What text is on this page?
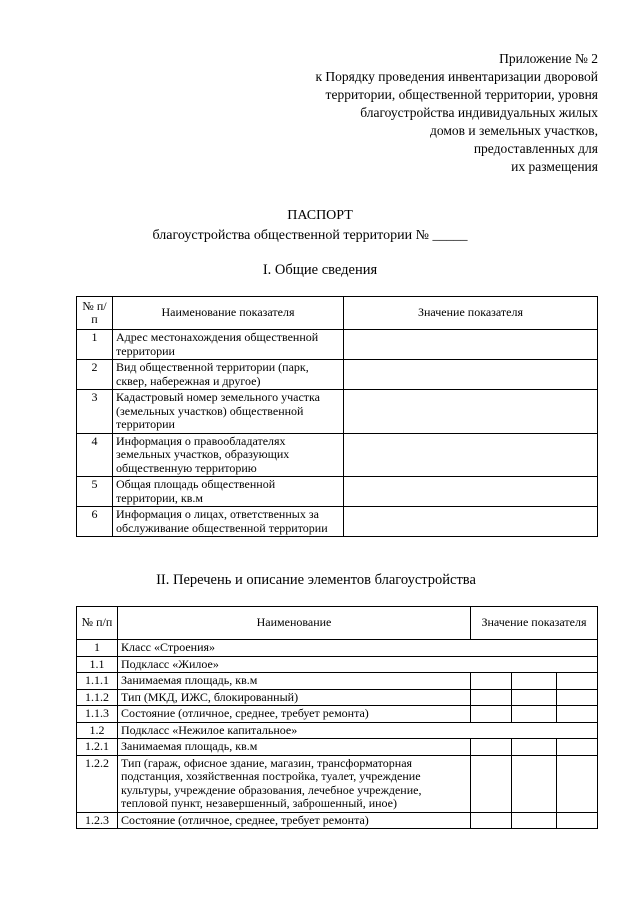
Приложение № 2
к Порядку проведения инвентаризации дворовой
территории, общественной территории, уровня
благоустройства индивидуальных жилых
домов и земельных участков,
предоставленных для
их размещения
ПАСПОРТ
благоустройства общественной территории № _____
I. Общие сведения
№ п/п	Наименование показателя	Значение показателя
1	Адрес местонахождения общественной территории	
2	Вид общественной территории (парк, сквер, набережная и другое)	
3	Кадастровый номер земельного участка (земельных участков) общественной территории	
4	Информация о правообладателях земельных участков, образующих общественную территорию	
5	Общая площадь общественной территории, кв.м	
6	Информация о лицах, ответственных за обслуживание общественной территории	
II. Перечень и описание элементов благоустройства
№ п/п	Наименование	Значение показателя		
1	Класс «Строения»			
1.1	Подкласс «Жилое»			
1.1.1	Занимаемая площадь, кв.м			
1.1.2	Тип (МКД, ИЖС, блокированный)			
1.1.3	Состояние (отличное, среднее, требует ремонта)			
1.2	Подкласс «Нежилое капитальное»			
1.2.1	Занимаемая площадь, кв.м			
1.2.2	Тип (гараж, офисное здание, магазин, трансформаторная подстанция, хозяйственная постройка, туалет, учреждение культуры, учреждение образования, лечебное учреждение, тепловой пункт, незавершенный, заброшенный, иное)			
1.2.3	Состояние (отличное, среднее, требует ремонта)			
